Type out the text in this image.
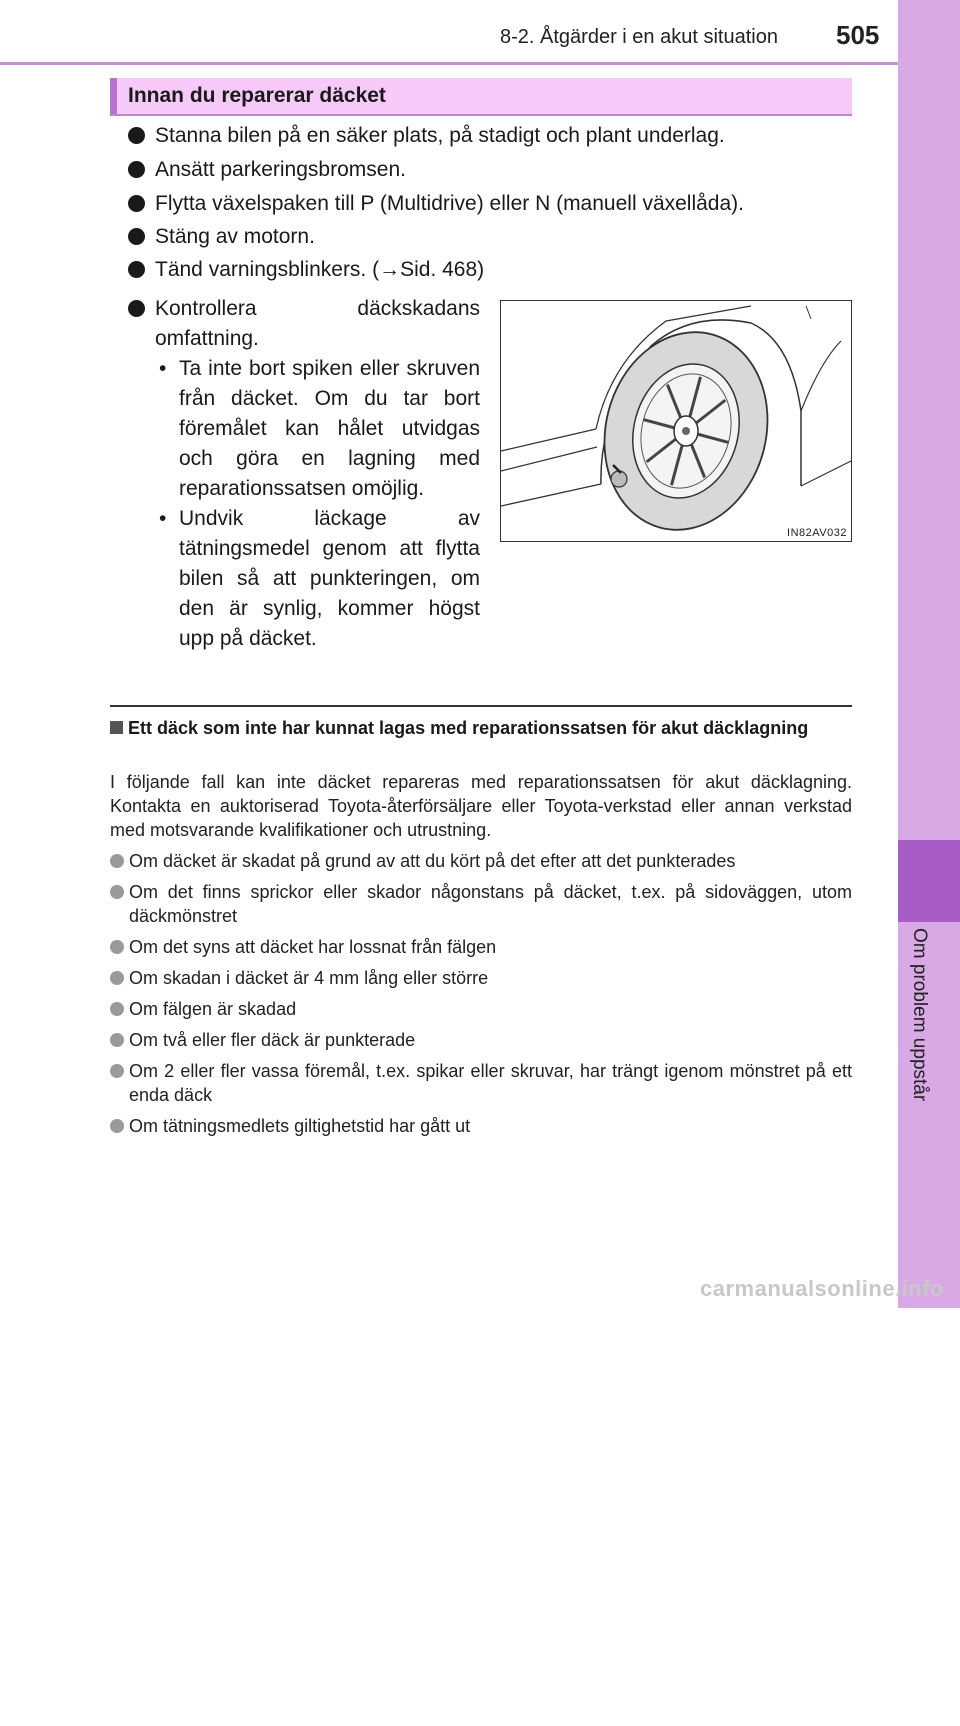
8-2. Åtgärder i en akut situation 505
8
Om problem uppstår
Innan du reparerar däcket
Stanna bilen på en säker plats, på stadigt och plant underlag.
Ansätt parkeringsbromsen.
Flytta växelspaken till P (Multidrive) eller N (manuell växellåda).
Stäng av motorn.
Tänd varningsblinkers. (→Sid. 468)
Kontrollera däckskadans omfattning.
• Ta inte bort spiken eller skruven från däcket. Om du tar bort föremålet kan hålet utvidgas och göra en lagning med reparationssatsen omöjlig.
• Undvik läckage av tätningsmedel genom att flytta bilen så att punkteringen, om den är synlig, kommer högst upp på däcket.
IN82AV032
Ett däck som inte har kunnat lagas med reparationssatsen för akut däcklagning
I följande fall kan inte däcket repareras med reparationssatsen för akut däcklagning. Kontakta en auktoriserad Toyota-återförsäljare eller Toyota-verkstad eller annan verkstad med motsvarande kvalifikationer och utrustning.
Om däcket är skadat på grund av att du kört på det efter att det punkterades
Om det finns sprickor eller skador någonstans på däcket, t.ex. på sidoväggen, utom däckmönstret
Om det syns att däcket har lossnat från fälgen
Om skadan i däcket är 4 mm lång eller större
Om fälgen är skadad
Om två eller fler däck är punkterade
Om 2 eller fler vassa föremål, t.ex. spikar eller skruvar, har trängt igenom mönstret på ett enda däck
Om tätningsmedlets giltighetstid har gått ut
carmanualsonline.info
